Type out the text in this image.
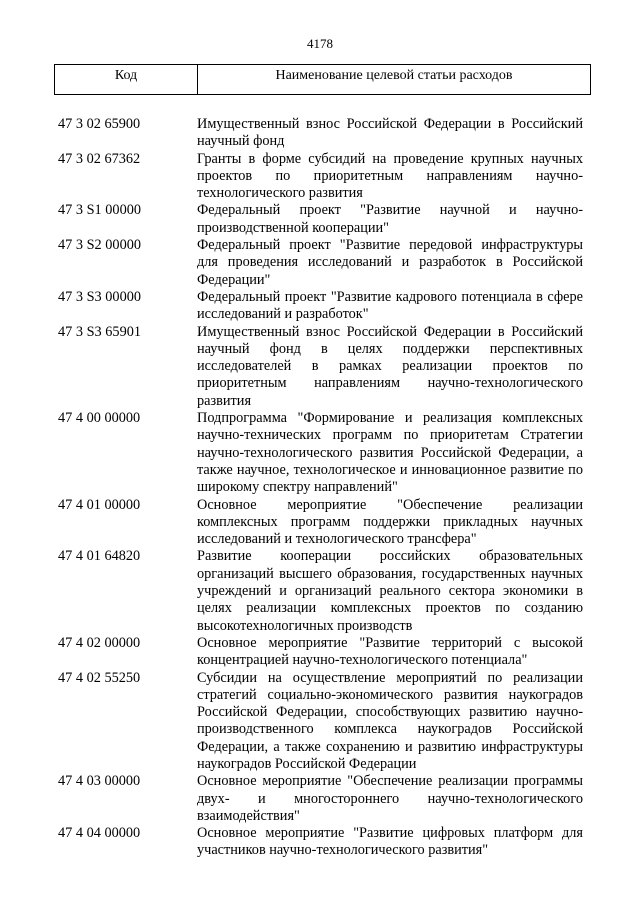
4178
Код	Наименование целевой статьи расходов
47 3 02 65900	Имущественный взнос Российской Федерации в Российский научный фонд
47 3 02 67362	Гранты в форме субсидий на проведение крупных научных проектов по приоритетным направлениям научно-технологического развития
47 3 S1 00000	Федеральный проект "Развитие научной и научно-производственной кооперации"
47 3 S2 00000	Федеральный проект "Развитие передовой инфраструктуры для проведения исследований и разработок в Российской Федерации"
47 3 S3 00000	Федеральный проект "Развитие кадрового потенциала в сфере исследований и разработок"
47 3 S3 65901	Имущественный взнос Российской Федерации в Российский научный фонд в целях поддержки перспективных исследователей в рамках реализации проектов по приоритетным направлениям научно-технологического развития
47 4 00 00000	Подпрограмма "Формирование и реализация комплексных научно-технических программ по приоритетам Стратегии научно-технологического развития Российской Федерации, а также научное, технологическое и инновационное развитие по широкому спектру направлений"
47 4 01 00000	Основное мероприятие "Обеспечение реализации комплексных программ поддержки прикладных научных исследований и технологического трансфера"
47 4 01 64820	Развитие кооперации российских образовательных организаций высшего образования, государственных научных учреждений и организаций реального сектора экономики в целях реализации комплексных проектов по созданию высокотехнологичных производств
47 4 02 00000	Основное мероприятие "Развитие территорий с высокой концентрацией научно-технологического потенциала"
47 4 02 55250	Субсидии на осуществление мероприятий по реализации стратегий социально-экономического развития наукоградов Российской Федерации, способствующих развитию научно-производственного комплекса наукоградов Российской Федерации, а также сохранению и развитию инфраструктуры наукоградов Российской Федерации
47 4 03 00000	Основное мероприятие "Обеспечение реализации программы двух- и многостороннего научно-технологического взаимодействия"
47 4 04 00000	Основное мероприятие "Развитие цифровых платформ для участников научно-технологического развития"
